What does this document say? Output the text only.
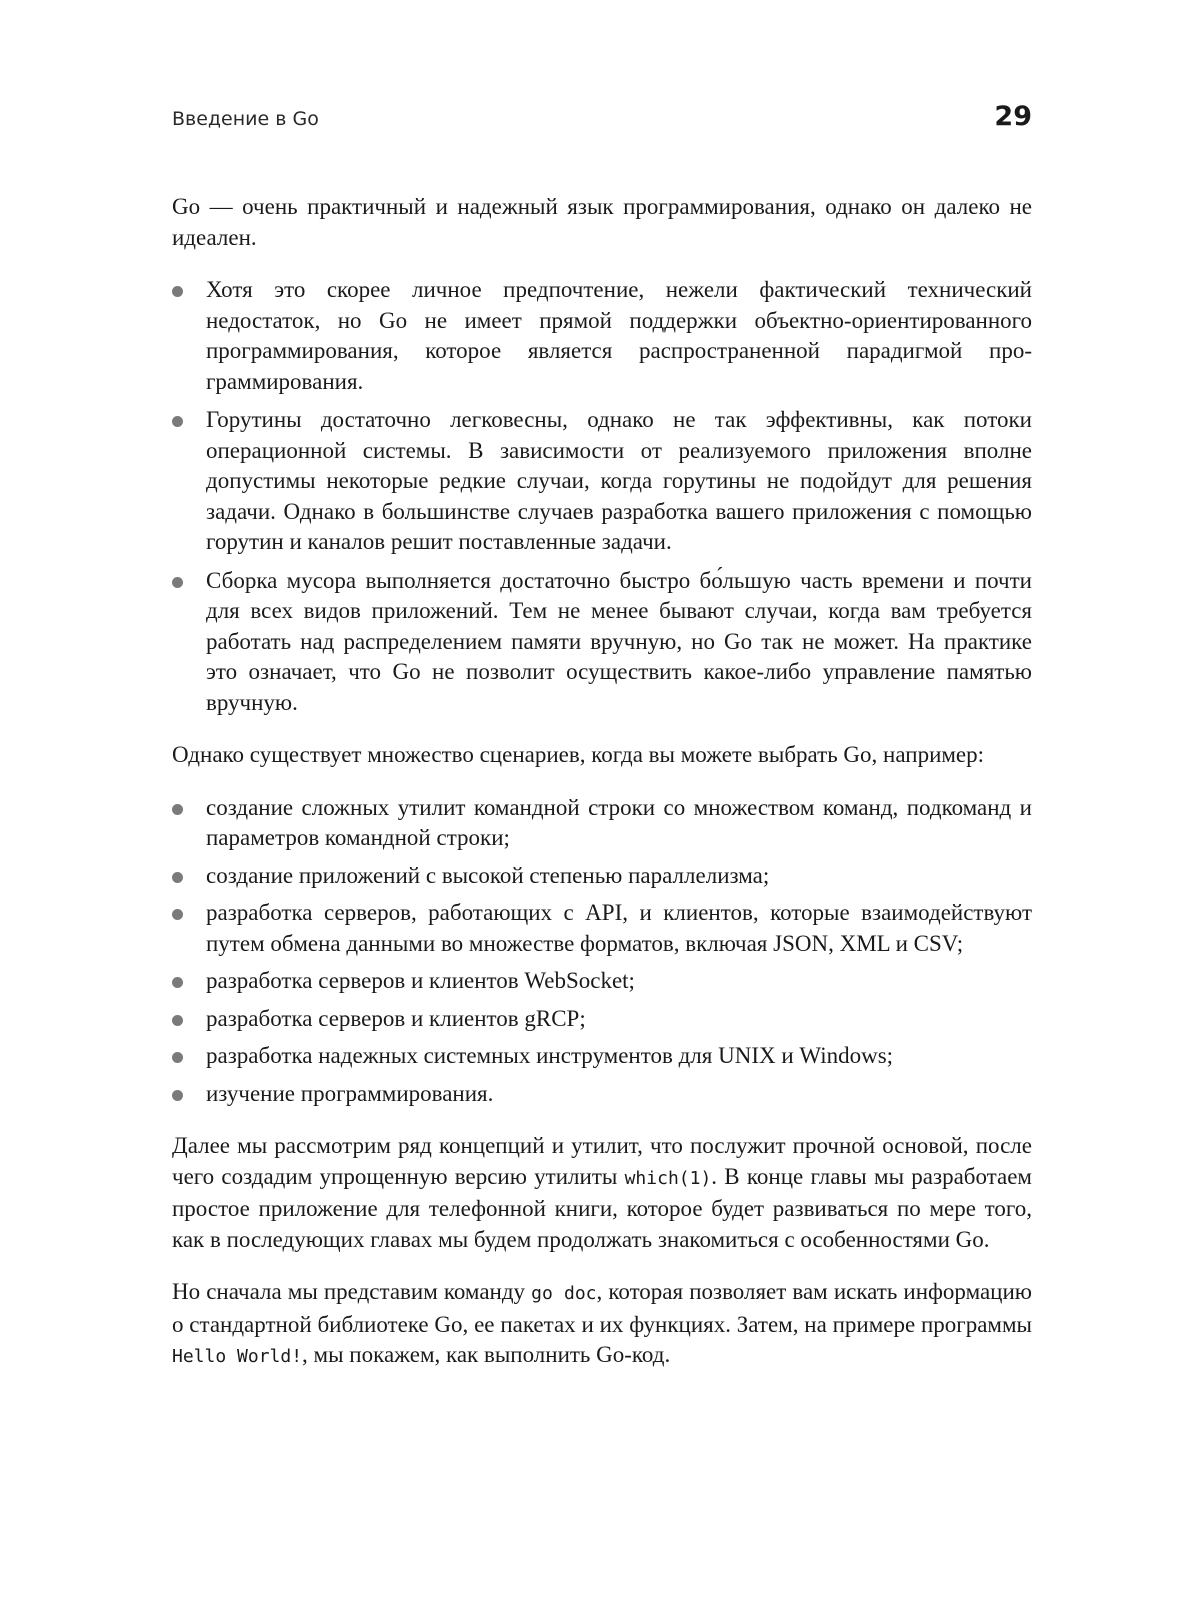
Введение в Go	29

Go — очень практичный и надежный язык программирования, однако он далеко не идеален.

Хотя это скорее личное предпочтение, нежели фактический технический недостаток, но Go не имеет прямой поддержки объектно-ориентированного программирования, которое является распространенной парадигмой программирования.
Горутины достаточно легковесны, однако не так эффективны, как потоки операционной системы. В зависимости от реализуемого приложения вполне допустимы некоторые редкие случаи, когда горутины не подойдут для решения задачи. Однако в большинстве случаев разработка вашего приложения с помощью горутин и каналов решит поставленные задачи.
Сборка мусора выполняется достаточно быстро бо́льшую часть времени и почти для всех видов приложений. Тем не менее бывают случаи, когда вам требуется работать над распределением памяти вручную, но Go так не может. На практике это означает, что Go не позволит осуществить какое-либо управление памятью вручную.

Однако существует множество сценариев, когда вы можете выбрать Go, например:

создание сложных утилит командной строки со множеством команд, подкоманд и параметров командной строки;
создание приложений с высокой степенью параллелизма;
разработка серверов, работающих с API, и клиентов, которые взаимодействуют путем обмена данными во множестве форматов, включая JSON, XML и CSV;
разработка серверов и клиентов WebSocket;
разработка серверов и клиентов gRCP;
разработка надежных системных инструментов для UNIX и Windows;
изучение программирования.

Далее мы рассмотрим ряд концепций и утилит, что послужит прочной основой, после чего создадим упрощенную версию утилиты which(1). В конце главы мы разработаем простое приложение для телефонной книги, которое будет развиваться по мере того, как в последующих главах мы будем продолжать знакомиться с особенностями Go.

Но сначала мы представим команду go doc, которая позволяет вам искать информацию о стандартной библиотеке Go, ее пакетах и их функциях. Затем, на примере программы Hello World!, мы покажем, как выполнить Go-код.
